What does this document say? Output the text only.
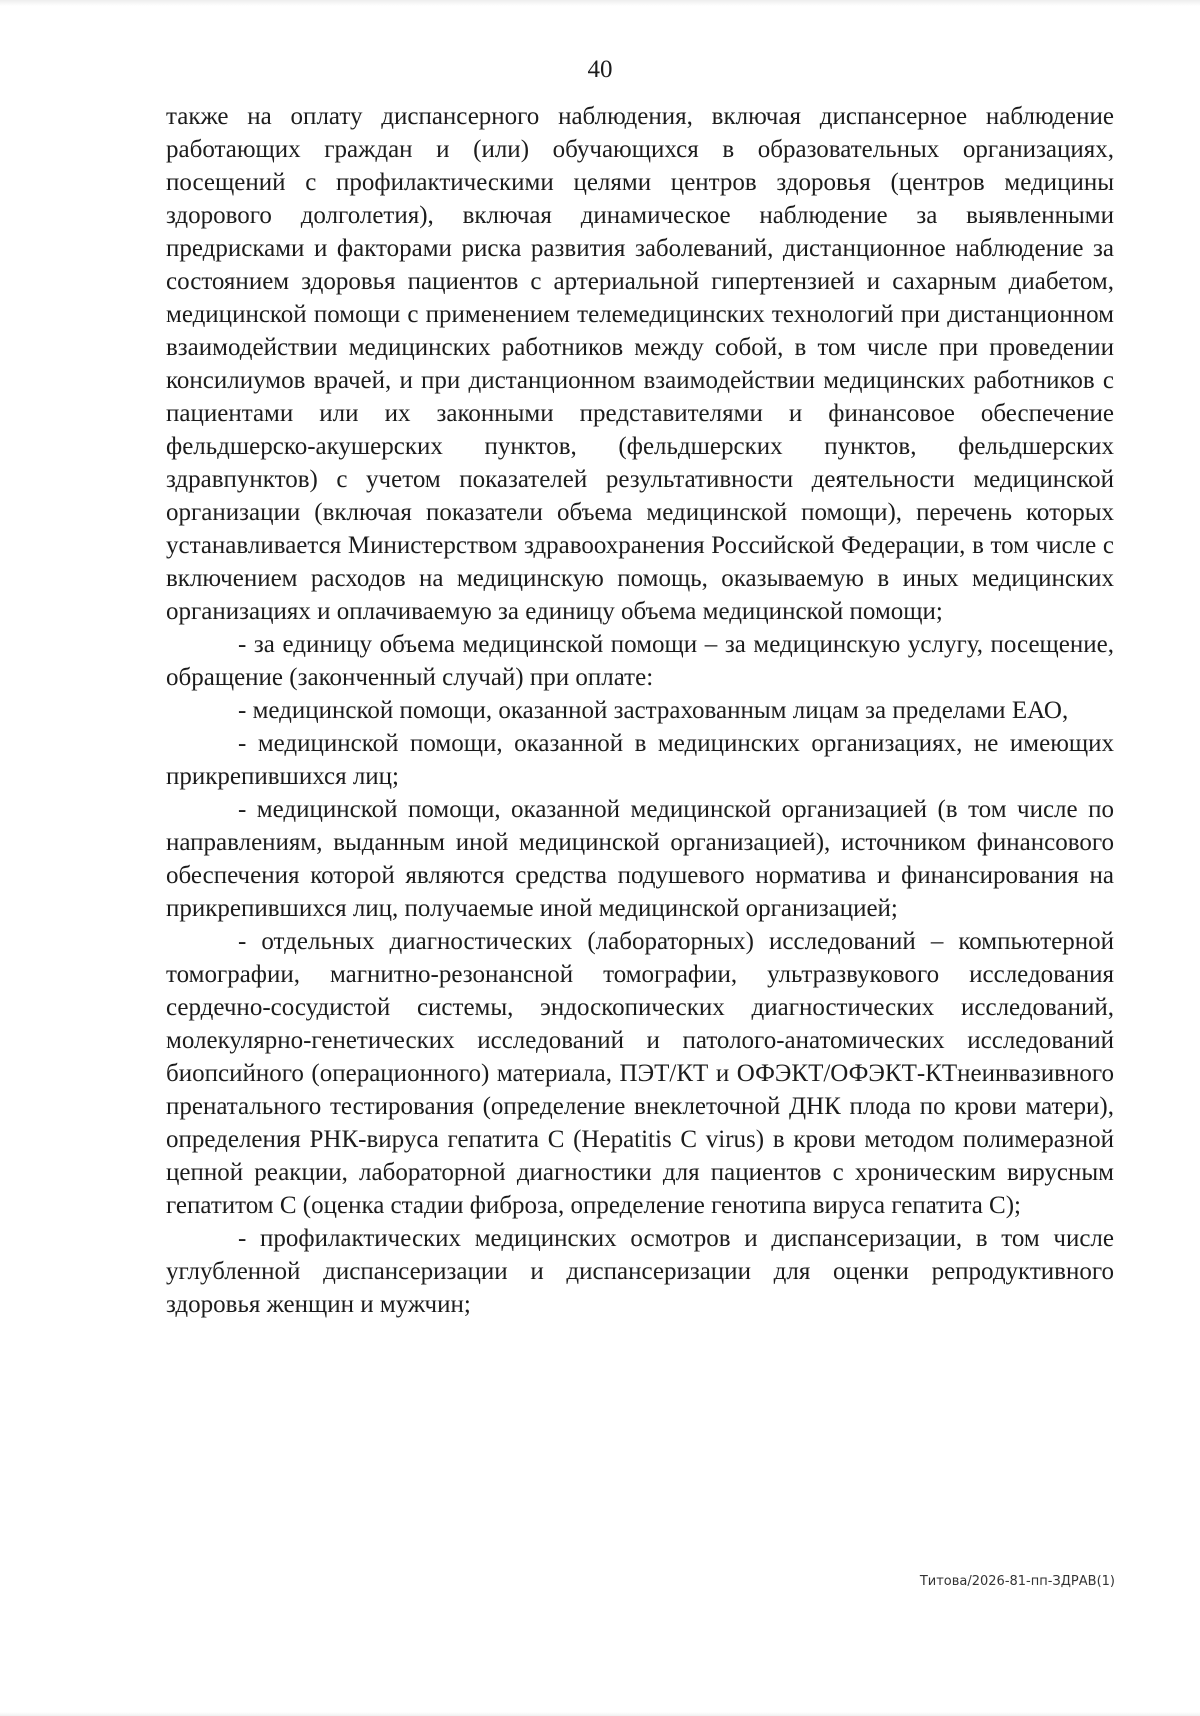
40

также на оплату диспансерного наблюдения, включая диспансерное наблюдение работающих граждан и (или) обучающихся в образовательных организациях, посещений с профилактическими целями центров здоровья (центров медицины здорового долголетия), включая динамическое наблюдение за выявленными предрисками и факторами риска развития заболеваний, дистанционное наблюдение за состоянием здоровья пациентов с артериальной гипертензией и сахарным диабетом, медицинской помощи с применением телемедицинских технологий при дистанционном взаимодействии медицинских работников между собой, в том числе при проведении консилиумов врачей, и при дистанционном взаимодействии медицинских работников с пациентами или их законными представителями и финансовое обеспечение фельдшерско-акушерских пунктов, (фельдшерских пунктов, фельдшерских здравпунктов) с учетом показателей результативности деятельности медицинской организации (включая показатели объема медицинской помощи), перечень которых устанавливается Министерством здравоохранения Российской Федерации, в том числе с включением расходов на медицинскую помощь, оказываемую в иных медицинских организациях и оплачиваемую за единицу объема медицинской помощи;

- за единицу объема медицинской помощи – за медицинскую услугу, посещение, обращение (законченный случай) при оплате:

- медицинской помощи, оказанной застрахованным лицам за пределами ЕАО,

- медицинской помощи, оказанной в медицинских организациях, не имеющих прикрепившихся лиц;

- медицинской помощи, оказанной медицинской организацией (в том числе по направлениям, выданным иной медицинской организацией), источником финансового обеспечения которой являются средства подушевого норматива и финансирования на прикрепившихся лиц, получаемые иной медицинской организацией;

- отдельных диагностических (лабораторных) исследований – компьютерной томографии, магнитно-резонансной томографии, ультразвукового исследования сердечно-сосудистой системы, эндоскопических диагностических исследований, молекулярно-генетических исследований и патолого-анатомических исследований биопсийного (операционного) материала, ПЭТ/КТ и ОФЭКТ/ОФЭКТ-КТнеинвазивного пренатального тестирования (определение внеклеточной ДНК плода по крови матери), определения РНК-вируса гепатита С (Hepatitis C virus) в крови методом полимеразной цепной реакции, лабораторной диагностики для пациентов с хроническим вирусным гепатитом С (оценка стадии фиброза, определение генотипа вируса гепатита С);

- профилактических медицинских осмотров и диспансеризации, в том числе углубленной диспансеризации и диспансеризации для оценки репродуктивного здоровья женщин и мужчин;

Титова/2026-81-пп-ЗДРАВ(1)
